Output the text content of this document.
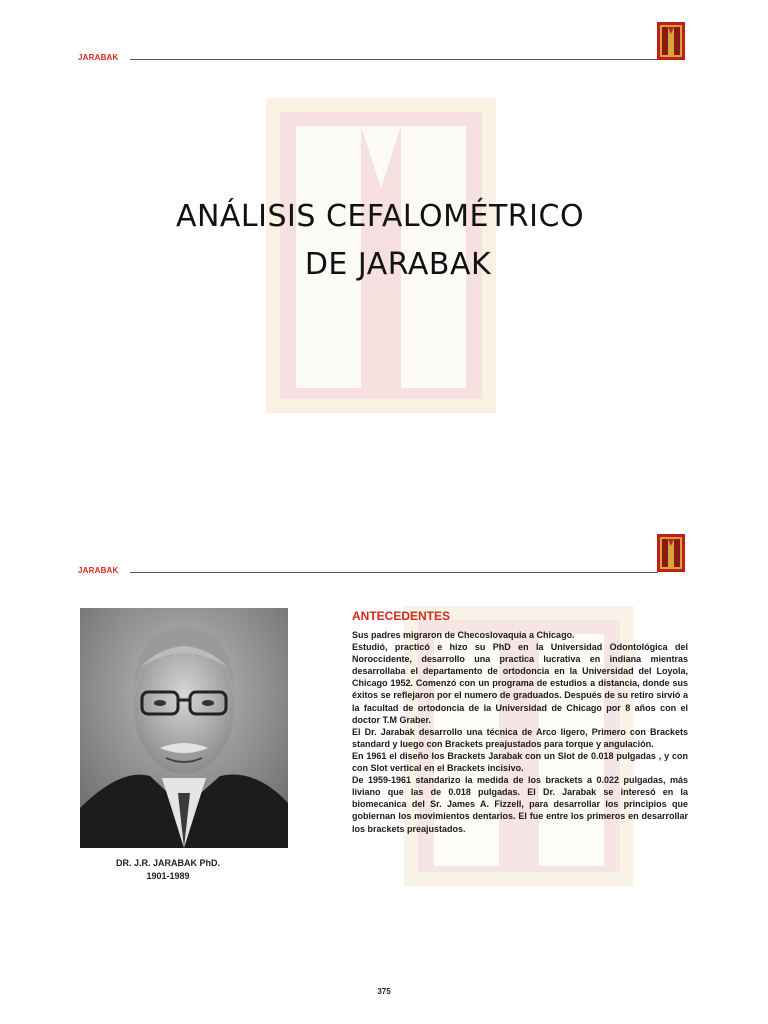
JARABAK
ANÁLISIS CEFALOMÉTRICO
DE JARABAK
JARABAK
DR. J.R. JARABAK PhD.
1901-1989
ANTECEDENTES

Sus padres migraron de Checoslovaquia a Chicago.

Estudió, practicó e hizo su PhD en la Universidad Odontológica del Noroccidente, desarrollo una practica lucrativa en indiana mientras desarrollaba el departamento de ortodoncia en la Universidad del Loyola, Chicago 1952. Comenzó con un programa de estudios a distancia, donde sus éxitos se reflejaron por el numero de graduados. Después de su retiro sirvió a la facultad de ortodoncia de la Universidad de Chicago por 8 años con el doctor T.M Graber.

El Dr. Jarabak desarrollo una técnica de Arco ligero, Primero con Brackets standard y luego con Brackets preajustados para torque y angulación.

En 1961 el diseño los Brackets Jarabak con un Slot de 0.018 pulgadas , y con con Slot vertical en el Brackets incisivo.

De 1959-1961 standarizo la medida de los brackets a 0.022 pulgadas, más liviano que las de 0.018 pulgadas. El Dr. Jarabak se interesó en la biomecanica del Sr. James A. Fizzell, para desarrollar los principios que gobiernan los movimientos dentarios. El fue entre los primeros en desarrollar los brackets preajustados.

375
